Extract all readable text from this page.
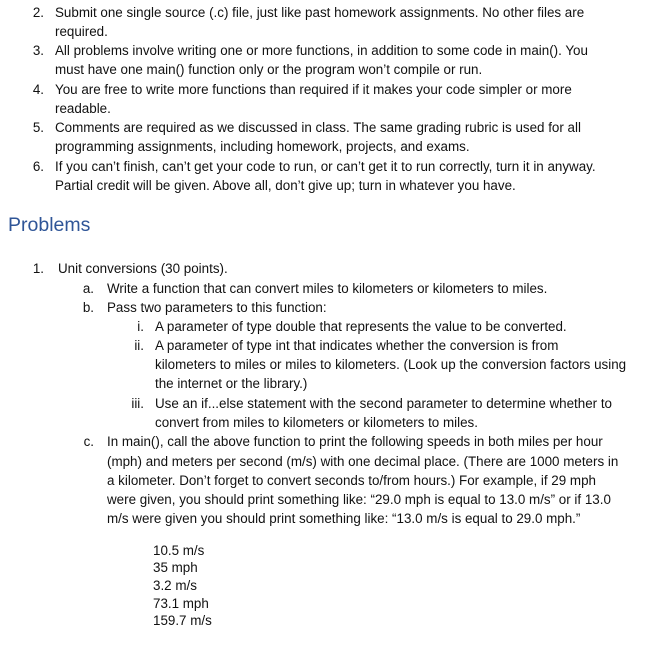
2. Submit one single source (.c) file, just like past homework assignments. No other files are
required.
3. All problems involve writing one or more functions, in addition to some code in main(). You
must have one main() function only or the program won’t compile or run.
4. You are free to write more functions than required if it makes your code simpler or more
readable.
5. Comments are required as we discussed in class. The same grading rubric is used for all
programming assignments, including homework, projects, and exams.
6. If you can’t finish, can’t get your code to run, or can’t get it to run correctly, turn it in anyway.
Partial credit will be given. Above all, don’t give up; turn in whatever you have.
Problems
1. Unit conversions (30 points).
a. Write a function that can convert miles to kilometers or kilometers to miles.
b. Pass two parameters to this function:
i. A parameter of type double that represents the value to be converted.
ii. A parameter of type int that indicates whether the conversion is from
kilometers to miles or miles to kilometers. (Look up the conversion factors using
the internet or the library.)
iii. Use an if...else statement with the second parameter to determine whether to
convert from miles to kilometers or kilometers to miles.
c. In main(), call the above function to print the following speeds in both miles per hour
(mph) and meters per second (m/s) with one decimal place. (There are 1000 meters in
a kilometer. Don’t forget to convert seconds to/from hours.) For example, if 29 mph
were given, you should print something like: “29.0 mph is equal to 13.0 m/s” or if 13.0
m/s were given you should print something like: “13.0 m/s is equal to 29.0 mph.”
10.5 m/s
35 mph
3.2 m/s
73.1 mph
159.7 m/s
